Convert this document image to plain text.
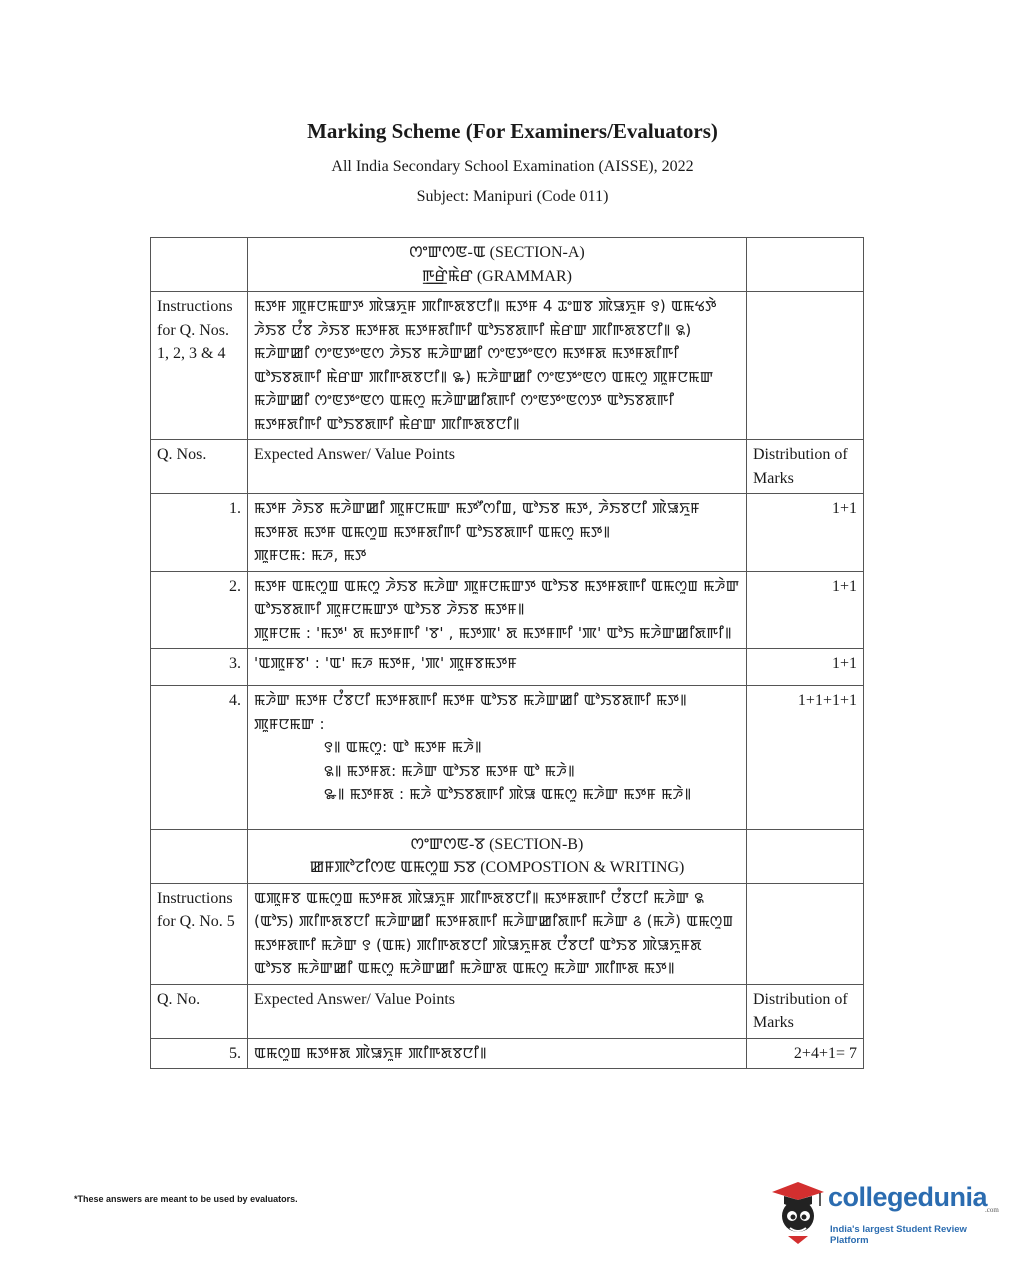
Marking Scheme (For Examiners/Evaluators)

All India Secondary School Examination (AISSE), 2022
Subject: Manipuri (Code 011)

	ꯁꯦꯛꯁꯟ-ꯑ (SECTION-A)
ꯒ꯭ꯔꯥꯃꯥꯔ (GRAMMAR)	

Instructions for Q. Nos. 1, 2, 3 & 4	ꯃꯇꯝ ꯄꯨꯝꯅꯃꯛꯇ ꯄꯥꯎꯈꯨꯝ ꯄꯤꯒꯗꯕꯅꯤ꯫ ꯃꯇꯝ 4 ꯊꯦꯡꯕ ꯄꯥꯎꯈꯨꯝ ꯱) ꯑꯃꯠꯇꯥ ꯍꯥꯏꯕ ꯅꯪꯕ ꯍꯥꯏꯕ ꯃꯇꯝꯗ ꯃꯇꯝꯗꯤꯒꯤ ꯑꯣꯏꯕꯗꯒꯤ ꯃꯥꯔꯛ ꯄꯤꯒꯗꯕꯅꯤ꯫ ꯲) ꯃꯍꯥꯛꯀꯤ ꯁꯦꯟꯇꯦꯟꯁ ꯍꯥꯏꯕ ꯃꯍꯥꯛꯀꯤ ꯁꯦꯟꯇꯦꯟꯁ ꯃꯇꯝꯗ ꯃꯇꯝꯗꯤꯒꯤ ꯑꯣꯏꯕꯗꯒꯤ ꯃꯥꯔꯛ ꯄꯤꯒꯗꯕꯅꯤ꯫ ꯳) ꯃꯍꯥꯛꯀꯤ ꯁꯦꯟꯇꯦꯟꯁ ꯑꯃꯁꯨ ꯄꯨꯝꯅꯃꯛ ꯃꯍꯥꯛꯀꯤ ꯁꯦꯟꯇꯦꯟꯁ ꯑꯃꯁꯨ ꯃꯍꯥꯛꯀꯤꯗꯒꯤ ꯁꯦꯟꯇꯦꯟꯁꯇ ꯑꯣꯏꯕꯗꯒꯤ ꯃꯇꯝꯗꯤꯒꯤ ꯑꯣꯏꯕꯗꯒꯤ ꯃꯥꯔꯛ ꯄꯤꯒꯗꯕꯅꯤ꯫	
Q. Nos.	Expected Answer/ Value Points	Distribution of Marks
1.	ꯃꯇꯝ ꯍꯥꯏꯕ ꯃꯍꯥꯛꯀꯤ ꯄꯨꯝꯅꯃꯛ ꯃꯇꯧꯁꯤꯡ, ꯑꯣꯏꯕ ꯃꯇ, ꯍꯥꯏꯕꯅꯤ ꯄꯥꯎꯈꯨꯝ ꯃꯇꯝꯗ ꯃꯇꯝ ꯑꯃꯁꯨꯡ ꯃꯇꯝꯗꯤꯒꯤ ꯑꯣꯏꯕꯗꯒꯤ ꯑꯃꯁꯨ ꯃꯇ꯫
ꯄꯨꯝꯅꯃ: ꯃꯍ, ꯃꯇ	1+1
2.	ꯃꯇꯝ ꯑꯃꯁꯨꯡ ꯑꯃꯁꯨ ꯍꯥꯏꯕ ꯃꯍꯥꯛ ꯄꯨꯝꯅꯃꯛꯇ ꯑꯣꯏꯕ ꯃꯇꯝꯗꯒꯤ ꯑꯃꯁꯨꯡ ꯃꯍꯥꯛ ꯑꯣꯏꯕꯗꯒꯤ ꯄꯨꯝꯅꯃꯛꯇ ꯑꯣꯏꯕ ꯍꯥꯏꯕ ꯃꯇꯝ꯫
ꯄꯨꯝꯅꯃ : 'ꯃꯇ' ꯗ ꯃꯇꯝꯒꯤ 'ꯕ' , ꯃꯇꯄ' ꯗ ꯃꯇꯝꯒꯤ 'ꯄ' ꯑꯣꯏ ꯃꯍꯥꯛꯀꯤꯗꯒꯤ꯫	1+1
3.	'ꯑꯄꯨꯝꯕ' : 'ꯑ' ꯃꯍ ꯃꯇꯝ, 'ꯄ' ꯄꯨꯝꯕꯃꯇꯝ	1+1
4.	ꯃꯍꯥꯛ ꯃꯇꯝ ꯅꯪꯕꯅꯤ ꯃꯇꯝꯗꯒꯤ ꯃꯇꯝ ꯑꯣꯏꯕ ꯃꯍꯥꯛꯀꯤ ꯑꯣꯏꯕꯗꯒꯤ ꯃꯇ꯫
ꯄꯨꯝꯅꯃꯛ :
꯱꯫ ꯑꯃꯁꯨ: ꯑꯣ ꯃꯇꯝ ꯃꯍꯥ꯫
꯲꯫ ꯃꯇꯝꯗ: ꯃꯍꯥꯛ ꯑꯣꯏꯕ ꯃꯇꯝ ꯑꯣ ꯃꯍꯥ꯫
꯳꯫ ꯃꯇꯝꯗ : ꯃꯍꯥ ꯑꯣꯏꯕꯗꯒꯤ ꯄꯥꯎ ꯑꯃꯁꯨ ꯃꯍꯥꯛ ꯃꯇꯝ ꯃꯍꯥ꯫	1+1+1+1

	ꯁꯦꯛꯁꯟ-ꯕ (SECTION-B)
ꯀꯝꯄꯣꯖꯤꯁꯟ ꯑꯃꯁꯨꯡ ꯏꯕ (COMPOSTION & WRITING)	

Instructions for Q. No. 5	ꯑꯄꯨꯝꯕ ꯑꯃꯁꯨꯡ ꯃꯇꯝꯗ ꯄꯥꯎꯈꯨꯝ ꯄꯤꯒꯗꯕꯅꯤ꯫ ꯃꯇꯝꯗꯒꯤ ꯅꯪꯕꯅꯤ ꯃꯍꯥꯛ ꯲ (ꯑꯣꯏ) ꯄꯤꯒꯗꯕꯅꯤ ꯃꯍꯥꯛꯀꯤ ꯃꯇꯝꯗꯒꯤ ꯃꯍꯥꯛꯀꯤꯗꯒꯤ ꯃꯍꯥꯛ ꯴ (ꯃꯍꯥ) ꯑꯃꯁꯨꯡ ꯃꯇꯝꯗꯒꯤ ꯃꯍꯥꯛ ꯱ (ꯑꯃ) ꯄꯤꯒꯗꯕꯅꯤ ꯄꯥꯎꯈꯨꯝꯗ ꯅꯪꯕꯅꯤ ꯑꯣꯏꯕ ꯄꯥꯎꯈꯨꯝꯗ ꯑꯣꯏꯕ ꯃꯍꯥꯛꯀꯤ ꯑꯃꯁꯨ ꯃꯍꯥꯛꯀꯤ ꯃꯍꯥꯛꯗ ꯑꯃꯁꯨ ꯃꯍꯥꯛ ꯄꯤꯒꯗ ꯃꯇ꯫	
Q. No.	Expected Answer/ Value Points	Distribution of Marks
5.	ꯑꯃꯁꯨꯡ ꯃꯇꯝꯗ ꯄꯥꯎꯈꯨꯝ ꯄꯤꯒꯗꯕꯅꯤ꯫	2+4+1= 7
*These answers are meant to be used by evaluators.	collegedunia
.com
India's largest Student Review Platform
